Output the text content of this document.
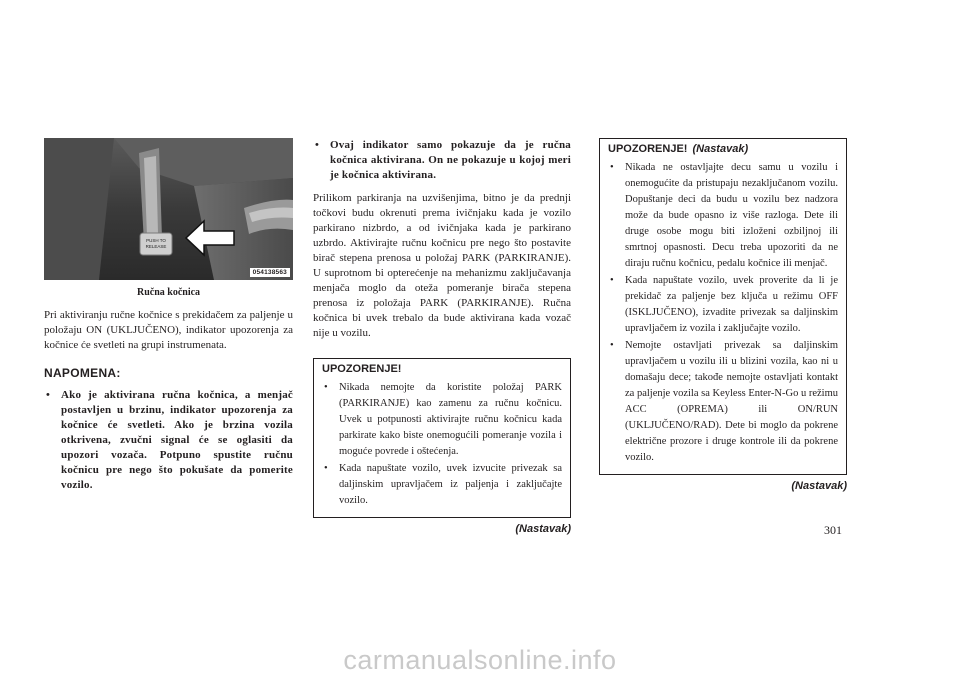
PUSH TO
RELEASE
054138563
Ručna kočnica

Pri aktiviranju ručne kočnice s prekidačem za paljenje u položaju ON (UKLJUČENO), indikator upozorenja za kočnice će svetleti na grupi instrumenata.

NAPOMENA:
• Ako je aktivirana ručna kočnica, a menjač postavljen u brzinu, indikator upozorenja za kočnice će svetleti. Ako je brzina vozila otkrivena, zvučni signal će se oglasiti da upozori vozača. Potpuno spustite ručnu kočnicu pre nego što pokušate da pomerite vozilo.
• Ovaj indikator samo pokazuje da je ručna kočnica aktivirana. On ne pokazuje u kojoj meri je kočnica aktivirana.

Prilikom parkiranja na uzvišenjima, bitno je da prednji točkovi budu okrenuti prema ivičnjaku kada je vozilo parkirano nizbrdo, a od ivičnjaka kada je parkirano uzbrdo. Aktivirajte ručnu kočnicu pre nego što postavite birač stepena prenosa u položaj PARK (PARKIRANJE). U suprotnom bi opterećenje na mehanizmu zaključavanja menjača moglo da oteža pomeranje birača stepena prenosa iz položaja PARK (PARKIRANJE). Ručna kočnica bi uvek trebalo da bude aktivirana kada vozač nije u vozilu.

UPOZORENJE!
• Nikada nemojte da koristite položaj PARK (PARKIRANJE) kao zamenu za ručnu kočnicu. Uvek u potpunosti aktivirajte ručnu kočnicu kada parkirate kako biste onemogućili pomeranje vozila i moguće povrede i oštećenja.
• Kada napuštate vozilo, uvek izvucite privezak sa daljinskim upravljačem iz paljenja i zaključajte vozilo.
(Nastavak)
UPOZORENJE! (Nastavak)
• Nikada ne ostavljajte decu samu u vozilu i onemogućite da pristupaju nezaključanom vozilu. Dopuštanje deci da budu u vozilu bez nadzora može da bude opasno iz više razloga. Dete ili druge osobe mogu biti izloženi ozbiljnoj ili smrtnoj opasnosti. Decu treba upozoriti da ne diraju ručnu kočnicu, pedalu kočnice ili menjač.
• Kada napuštate vozilo, uvek proverite da li je prekidač za paljenje bez ključa u režimu OFF (ISKLJUČENO), izvadite privezak sa daljinskim upravljačem iz vozila i zaključajte vozilo.
• Nemojte ostavljati privezak sa daljinskim upravljačem u vozilu ili u blizini vozila, kao ni u domašaju dece; takođe nemojte ostavljati kontakt za paljenje vozila sa Keyless Enter-N-Go u režimu ACC (OPREMA) ili ON/RUN (UKLJUČENO/RAD). Dete bi moglo da pokrene električne prozore i druge kontrole ili da pokrene vozilo.
(Nastavak)
301
carmanualsonline.info
